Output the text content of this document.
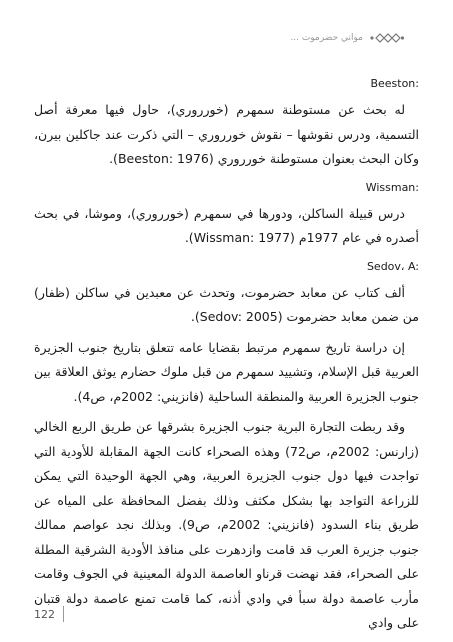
مواني حضرموت ...
Beeston:

له بحث عن مستوطنة سمهرم (خورروري)، حاول فيها معرفة أصل التسمية، ودرس نقوشها – نقوش خورروري – التي ذكرت عند جاكلين بيرن، وكان البحث بعنوان مستوطنة خورروري (Beeston: 1976).

Wissman:

درس قبيلة الساكلن، ودورها في سمهرم (خورروري)، وموشا، في بحث أصدره في عام 1977م (Wissman: 1977).

Sedov، A:

ألف كتاب عن معابد حضرموت، وتحدث عن معبدين في ساكلن (ظفار) من ضمن معابد حضرموت (Sedov: 2005).

إن دراسة تاريخ سمهرم مرتبط بقضايا عامه تتعلق بتاريخ جنوب الجزيرة العربية قبل الإسلام، وتشييد سمهرم من قبل ملوك حضارم يوثق العلاقة بين جنوب الجزيرة العربية والمنطقة الساحلية (فانزيني: 2002م، ص4).

وقد ربطت التجارة البرية جنوب الجزيرة بشرقها عن طريق الربع الخالي (زارنس: 2002م، ص72) وهذه الصحراء كانت الجهة المقابلة للأودية التي تواجدت فيها دول جنوب الجزيرة العربية، وهي الجهة الوحيدة التي يمكن للزراعة التواجد بها بشكل مكثف وذلك بفضل المحافظة على المياه عن طريق بناء السدود (فانزيني: 2002م، ص9). وبذلك نجد عواصم ممالك جنوب جزيرة العرب قد قامت وازدهرت على منافذ الأودية الشرقية المطلة على الصحراء، فقد نهضت قرناو العاصمة الدولة المعينية في الجوف وقامت مأرب عاصمة دولة سبأ في وادي أذنه، كما قامت تمنع عاصمة دولة قتبان على وادي

122
